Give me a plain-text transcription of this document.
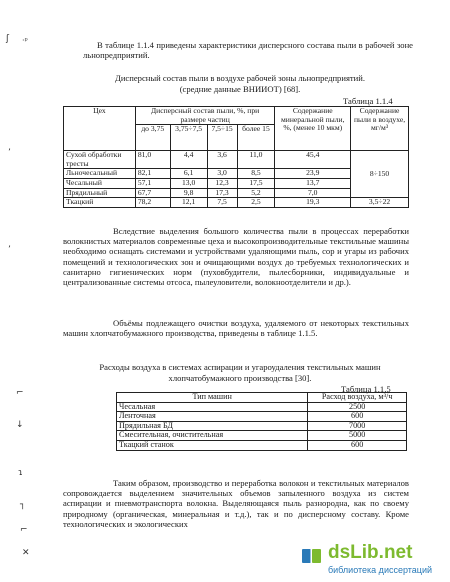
ʃ ·ᵖ
ʼ
ʼ
⌐
↓
ɿ
┐
⌐
✕
В таблице 1.1.4 приведены характеристики дисперсного состава пыли в рабочей зоне льнопредприятий.
Дисперсный состав пыли в воздухе рабочей зоны льнопредприятий.
(средние данные ВНИИОТ) [68].
Таблица 1.1.4
Цех	Дисперсный состав пыли, %, при размере частиц				Содержание минеральной пыли, %, (менее 10 мкм)	Содержание пыли в воздухе, мг/м³
	до 3,75	3,75÷7,5	7,5÷15	более 15		
Сухой обработки тресты	81,0	4,4	3,6	11,0	45,4	8÷150
Льночесальный	82,1	6,1	3,0	8,5	23,9	
Чесальный	57,1	13,0	12,3	17,5	13,7	
Прядильный	67,7	9,8	17,3	5,2	7,0	
Ткацкий	78,2	12,1	7,5	2,5	19,3	3,5÷22
Вследствие выделения большого количества пыли в процессах переработки волокнистых материалов современные цеха и высокопроизводительные текстильные машины необходимо оснащать системами и устройствами удаляющими пыль, сор и угары из рабочих помещений и технологических зон и очищающими воздух до требуемых технологических и санитарно гигиенических норм (пуховбудители, пылесборники, индивидуальные и централизованные системы отсоса, пылеуловители, волокноотделители и др.).
Объёмы подлежащего очистки воздуха, удаляемого от некоторых текстильных машин хлопчатобумажного производства, приведены в таблице 1.1.5.
Расходы воздуха в системах аспирации и угароудаления текстильных машин
хлопчатобумажного производства [30].
Таблица 1.1.5
Тип машин	Расход воздуха, м³/ч
Чесальная	2500
Ленточная	600
Прядильная БД	7000
Смесительная, очистительная	5000
Ткацкий станок	600
Таким образом, производство и переработка волокон и текстильных материалов сопровождается выделением значительных объемов запыленного воздуха из систем аспирации и пневмотранспорта волокна. Выделяющаяся пыль разнородна, как по своему природному (органическая, минеральная и т.д.), так и по дисперсному составу. Кроме технологических и экологических
dsLib.net
библиотека диссертаций
